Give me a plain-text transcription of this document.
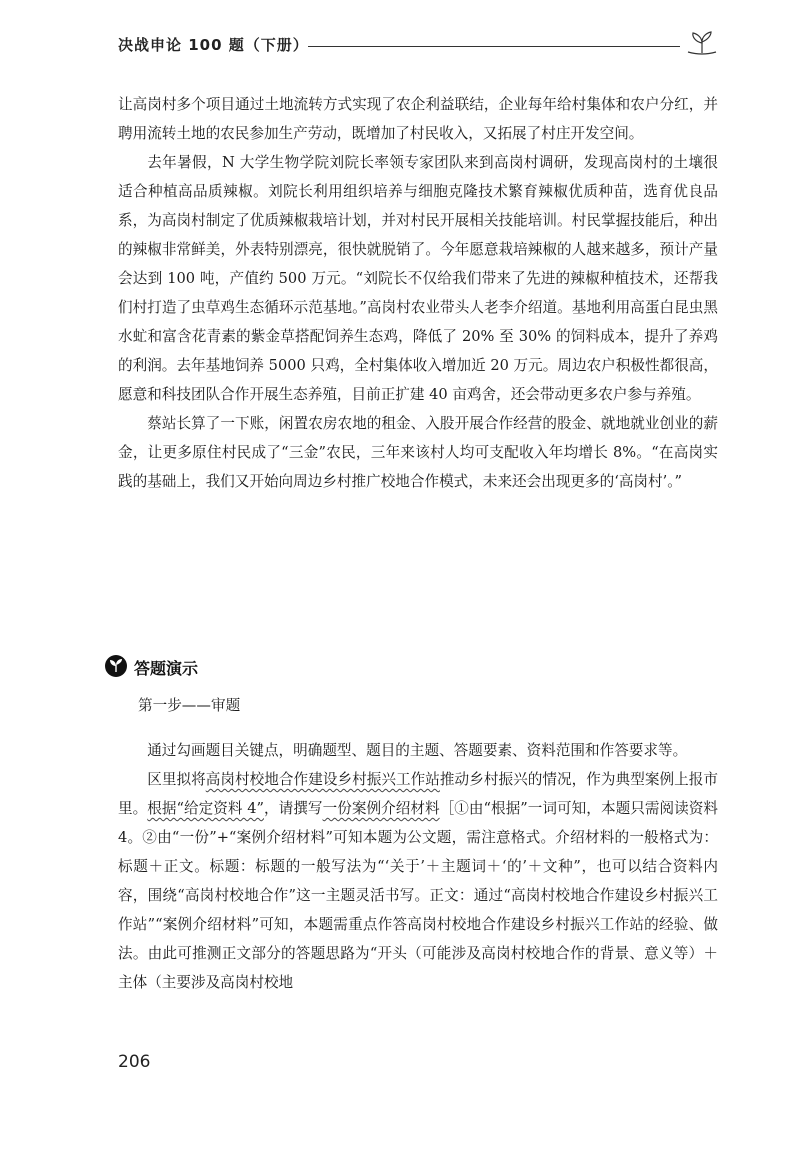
决战申论 100 题（下册）

让高岗村多个项目通过土地流转方式实现了农企利益联结，企业每年给村集体和农户分红，并聘用流转土地的农民参加生产劳动，既增加了村民收入，又拓展了村庄开发空间。

去年暑假，N 大学生物学院刘院长率领专家团队来到高岗村调研，发现高岗村的土壤很适合种植高品质辣椒。刘院长利用组织培养与细胞克隆技术繁育辣椒优质种苗，选育优良品系，为高岗村制定了优质辣椒栽培计划，并对村民开展相关技能培训。村民掌握技能后，种出的辣椒非常鲜美，外表特别漂亮，很快就脱销了。今年愿意栽培辣椒的人越来越多，预计产量会达到 100 吨，产值约 500 万元。“刘院长不仅给我们带来了先进的辣椒种植技术，还帮我们村打造了虫草鸡生态循环示范基地。”高岗村农业带头人老李介绍道。基地利用高蛋白昆虫黑水虻和富含花青素的紫金草搭配饲养生态鸡，降低了 20% 至 30% 的饲料成本，提升了养鸡的利润。去年基地饲养 5000 只鸡，全村集体收入增加近 20 万元。周边农户积极性都很高，愿意和科技团队合作开展生态养殖，目前正扩建 40 亩鸡舍，还会带动更多农户参与养殖。

蔡站长算了一下账，闲置农房农地的租金、入股开展合作经营的股金、就地就业创业的薪金，让更多原住村民成了“三金”农民，三年来该村人均可支配收入年均增长 8%。“在高岗实践的基础上，我们又开始向周边乡村推广校地合作模式，未来还会出现更多的‘高岗村’。”

答题演示
第一步——审题

通过勾画题目关键点，明确题型、题目的主题、答题要素、资料范围和作答要求等。

区里拟将高岗村校地合作建设乡村振兴工作站推动乡村振兴的情况，作为典型案例上报市里。根据“给定资料 4”，请撰写一份案例介绍材料［①由“根据”一词可知，本题只需阅读资料 4。②由“一份”+“案例介绍材料”可知本题为公文题，需注意格式。介绍材料的一般格式为：标题＋正文。标题：标题的一般写法为“‘关于’＋主题词＋‘的’＋文种”，也可以结合资料内容，围绕“高岗村校地合作”这一主题灵活书写。正文：通过“高岗村校地合作建设乡村振兴工作站”“案例介绍材料”可知，本题需重点作答高岗村校地合作建设乡村振兴工作站的经验、做法。由此可推测正文部分的答题思路为“开头（可能涉及高岗村校地合作的背景、意义等）＋主体（主要涉及高岗村校地

206
